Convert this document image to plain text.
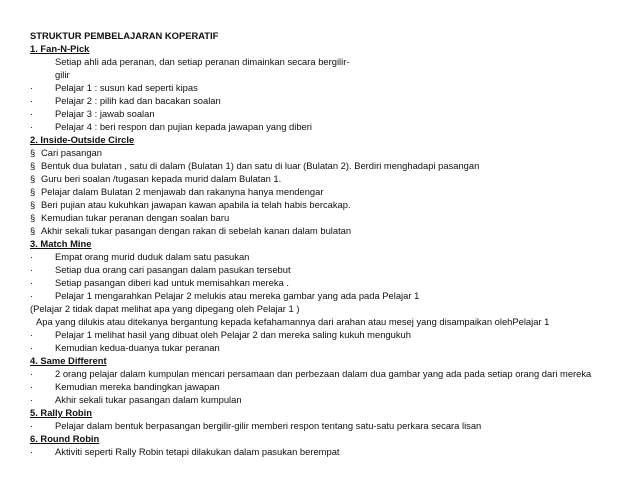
STRUKTUR PEMBELAJARAN KOPERATIF
1. Fan-N-Pick
Setiap ahli ada peranan, dan setiap peranan dimainkan secara bergilir-
gilir
·	Pelajar 1 : susun kad seperti kipas
·	Pelajar 2 : pilih kad dan bacakan soalan
·	Pelajar 3 : jawab soalan
·	Pelajar 4 : beri respon dan pujian kepada jawapan yang diberi
2. Inside-Outside Circle
§ Cari pasangan
§ Bentuk dua bulatan , satu di dalam (Bulatan 1) dan satu di luar (Bulatan 2). Berdiri menghadapi pasangan
§ Guru beri soalan /tugasan kepada murid dalam Bulatan 1.
§ Pelajar dalam Bulatan 2 menjawab dan rakanyna hanya mendengar
§ Beri pujian atau kukuhkan jawapan kawan apabila ia telah habis bercakap.
§ Kemudian tukar peranan dengan soalan baru
§ Akhir sekali tukar pasangan dengan rakan di sebelah kanan dalam bulatan
3. Match Mine
·	Empat orang murid duduk dalam satu pasukan
·	Setiap dua orang cari pasangan dalam pasukan tersebut
·	Setiap pasangan diberi kad untuk memisahkan mereka .
·	Pelajar 1 mengarahkan Pelajar 2 melukis atau mereka gambar yang ada pada Pelajar 1
(Pelajar 2 tidak dapat melihat apa yang dipegang oleh Pelajar 1 )
Apa yang dilukis atau ditekanya bergantung kepada kefahamannya dari arahan atau mesej yang disampaikan olehPelajar 1
·	Pelajar 1 melihat hasil yang dibuat oleh Pelajar 2 dan mereka saling kukuh mengukuh
·	Kemudian kedua-duanya tukar peranan
4. Same Different
·	2 orang pelajar dalam kumpulan mencari persamaan dan perbezaan dalam dua gambar yang ada pada setiap orang dari mereka
·	Kemudian mereka bandingkan jawapan
·	Akhir sekali tukar pasangan dalam kumpulan
5. Rally Robin
·	Pelajar dalam bentuk berpasangan bergilir-gilir memberi respon tentang satu-satu perkara secara lisan
6. Round Robin
·	Aktiviti seperti Rally Robin tetapi dilakukan dalam pasukan berempat
